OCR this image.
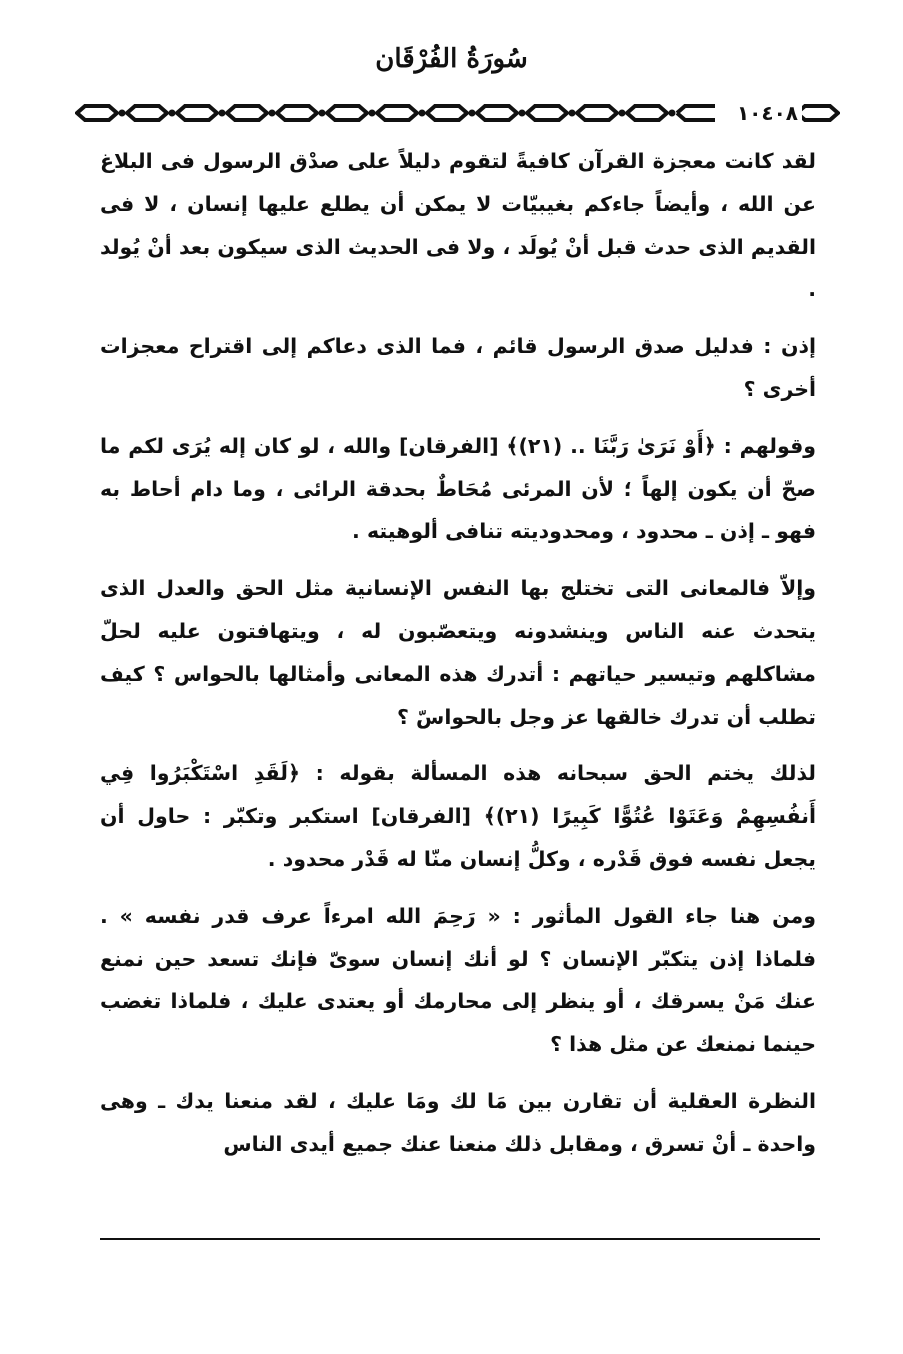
سُورَةُ الفُرْقَان
١٠٤٠٨

لقد كانت معجزة القرآن كافيةً لتقوم دليلاً على صدْق الرسول فى البلاغ عن الله ، وأيضاً جاءكم بغيبيّات لا يمكن أن يطلع عليها إنسان ، لا فى القديم الذى حدث قبل أنْ يُولَد ، ولا فى الحديث الذى سيكون بعد أنْ يُولد .

إذن : فدليل صدق الرسول قائم ، فما الذى دعاكم إلى اقتراح معجزات أخرى ؟

وقولهم : ﴿أَوْ نَرَىٰ رَبَّنَا .. (٢١)﴾ [الفرقان] والله ، لو كان إله يُرَى لكم ما صحّ أن يكون إلهاً ؛ لأن المرئى مُحَاطٌ بحدقة الرائى ، وما دام أحاط به فهو ـ إذن ـ محدود ، ومحدوديته تنافى ألوهيته .

وإلاّ فالمعانى التى تختلج بها النفس الإنسانية مثل الحق والعدل الذى يتحدث عنه الناس وينشدونه ويتعصّبون له ، ويتهافتون عليه لحلّ مشاكلهم وتيسير حياتهم : أتدرك هذه المعانى وأمثالها بالحواس ؟ كيف تطلب أن تدرك خالقها عز وجل بالحواسّ ؟

لذلك يختم الحق سبحانه هذه المسألة بقوله : ﴿لَقَدِ اسْتَكْبَرُوا فِي أَنفُسِهِمْ وَعَتَوْا عُتُوًّا كَبِيرًا (٢١)﴾ [الفرقان] استكبر وتكبّر : حاول أن يجعل نفسه فوق قَدْره ، وكلُّ إنسان منّا له قَدْر محدود .

ومن هنا جاء القول المأثور : « رَحِمَ الله امرءاً عرف قدر نفسه » . فلماذا إذن يتكبّر الإنسان ؟ لو أنك إنسان سوىّ فإنك تسعد حين نمنع عنك مَنْ يسرقك ، أو ينظر إلى محارمك أو يعتدى عليك ، فلماذا تغضب حينما نمنعك عن مثل هذا ؟

النظرة العقلية أن تقارن بين مَا لك ومَا عليك ، لقد منعنا يدك ـ وهى واحدة ـ أنْ تسرق ، ومقابل ذلك منعنا عنك جميع أيدى الناس
